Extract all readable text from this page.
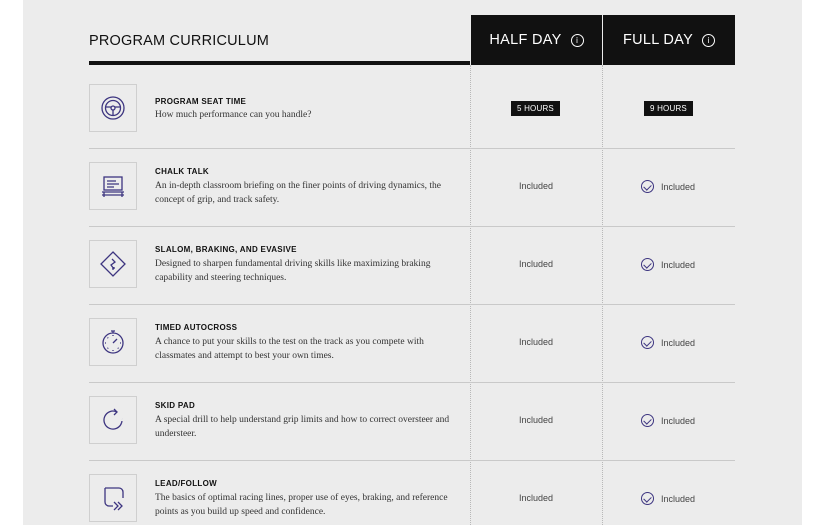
PROGRAM CURRICULUM	HALF DAY	i	FULL DAY	i
PROGRAM SEAT TIME
How much performance can you handle?
5 HOURS	9 HOURS
CHALK TALK
An in-depth classroom briefing on the finer points of driving dynamics, the concept of grip, and track safety.
Included	Included
SLALOM, BRAKING, AND EVASIVE
Designed to sharpen fundamental driving skills like maximizing braking capability and steering techniques.
Included	Included
TIMED AUTOCROSS
A chance to put your skills to the test on the track as you compete with classmates and attempt to best your own times.
Included	Included
SKID PAD
A special drill to help understand grip limits and how to correct oversteer and understeer.
Included	Included
LEAD/FOLLOW
The basics of optimal racing lines, proper use of eyes, braking, and reference points as you build up speed and confidence.
Included	Included
